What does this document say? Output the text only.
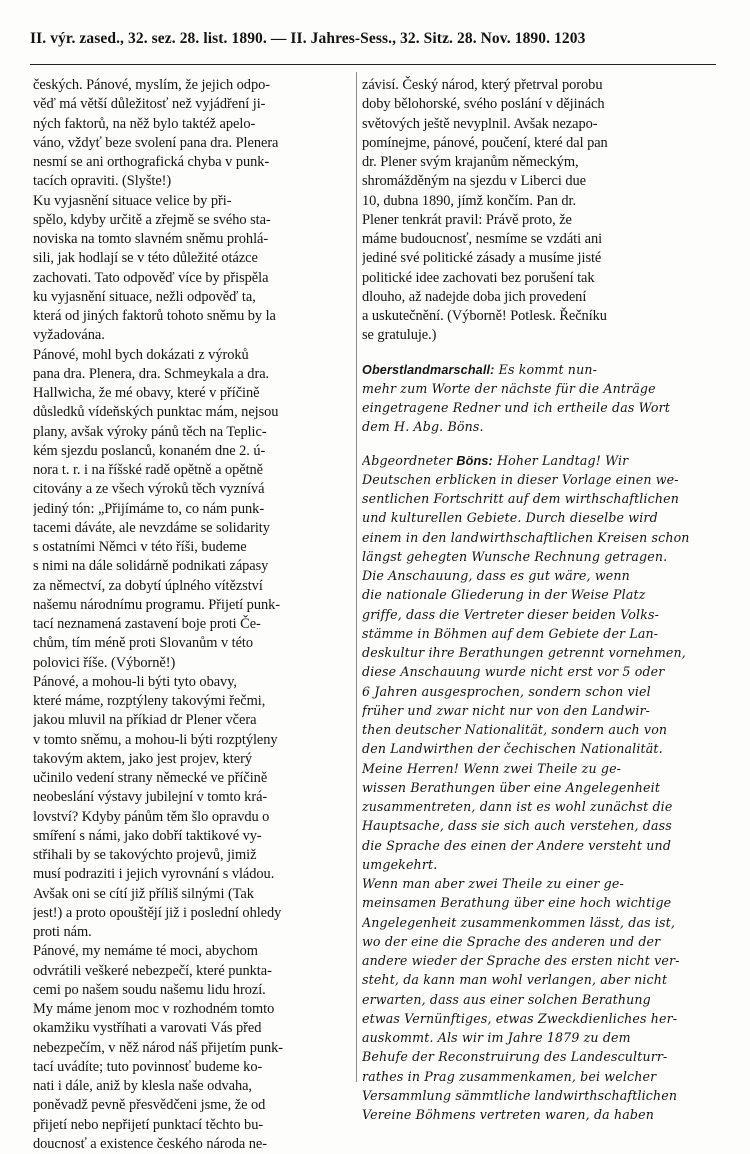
II. výr. zased., 32. sez. 28. list. 1890. — II. Jahres-Sess., 32. Sitz. 28. Nov. 1890. 1203
českých. Pánové, myslím, že jejich odpo-
věď má větší důležitosť než vyjádření ji-
ných faktorů, na něž bylo taktéž apelo-
váno, vždyť beze svolení pana dra. Plenera
nesmí se ani orthografická chyba v punk-
tacích opraviti. (Slyšte!)
Ku vyjasnění situace velice by při-
spělo, kdyby určitě a zřejmě se svého sta-
noviska na tomto slavném sněmu prohlá-
sili, jak hodlají se v této důležité otázce
zachovati. Tato odpověď více by přispěla
ku vyjasnění situace, nežli odpověď ta,
která od jiných faktorů tohoto sněmu by la
vyžadována.
Pánové, mohl bych dokázati z výroků
pana dra. Plenera, dra. Schmeykala a dra.
Hallwicha, že mé obavy, které v příčině
důsledků vídeňských punktac mám, nejsou
plany, avšak výroky pánů těch na Teplic-
kém sjezdu poslanců, konaném dne 2. ú-
nora t. r. i na říšské radě opětně a opětně
citovány a ze všech výroků těch vyznívá
jediný tón: „Přijímáme to, co nám punk-
tacemi dáváte, ale nevzdáme se solidarity
s ostatními Němci v této říši, budeme
s nimi na dále solidárně podnikati zápasy
za němectví, za dobytí úplného vítězství
našemu národnímu programu. Přijetí punk-
tací neznamená zastavení boje proti Če-
chům, tím méně proti Slovanům v této
polovici říše. (Výborně!)
Pánové, a mohou-li býti tyto obavy,
které máme, rozptýleny takovými řečmi,
jakou mluvil na příkiad dr Plener včera
v tomto sněmu, a mohou-li býti rozptýleny
takovým aktem, jako jest projev, který
učinilo vedení strany německé ve příčině
neobeslání výstavy jubilejní v tomto krá-
lovství? Kdyby pánům těm šlo opravdu o
smíření s námi, jako dobří taktikové vy-
střihali by se takovýchto projevů, jimiž
musí podraziti i jejich vyrovnání s vládou.
Avšak oni se cítí již příliš silnými (Tak
jest!) a proto opouštějí již i poslední ohledy
proti nám.
Pánové, my nemáme té moci, abychom
odvrátili veškeré nebezpečí, které punkta-
cemi po našem soudu našemu lidu hrozí.
My máme jenom moc v rozhodném tomto
okamžiku vystříhati a varovati Vás před
nebezpečím, v něž národ náš přijetím punk-
tací uvádíte; tuto povinnosť budeme ko-
nati i dále, aniž by klesla naše odvaha,
poněvadž pevně přesvědčeni jsme, že od
přijetí nebo nepřijetí punktací těchto bu-
doucnosť a existence českého národa ne-
závisí. Český národ, který přetrval porobu
doby bělohorské, svého poslání v dějinách
světových ještě nevyplnil. Avšak nezapo-
pomínejme, pánové, poučení, které dal pan
dr. Plener svým krajanům německým,
shromážděným na sjezdu v Liberci due
10, dubna 1890, jímž končím. Pan dr.
Plener tenkrát pravil: Právě proto, že
máme budoucnosť, nesmíme se vzdáti ani
jediné své politické zásady a musíme jisté
politické idee zachovati bez porušení tak
dlouho, až nadejde doba jich provedení
a uskutečnění. (Výborně! Potlesk. Řečníku
se gratuluje.)
Oberstlandmarschall: Es kommt nun-
mehr zum Worte der nächste für die Anträge
eingetragene Redner und ich ertheile das Wort
dem H. Abg. Böns.
Abgeordneter Böns: Hoher Landtag! Wir
Deutschen erblicken in dieser Vorlage einen we-
sentlichen Fortschritt auf dem wirthschaftlichen
und kulturellen Gebiete. Durch dieselbe wird
einem in den landwirthschaftlichen Kreisen schon
längst gehegten Wunsche Rechnung getragen.
Die Anschauung, dass es gut wäre, wenn
die nationale Gliederung in der Weise Platz
griffe, dass die Vertreter dieser beiden Volks-
stämme in Böhmen auf dem Gebiete der Lan-
deskultur ihre Berathungen getrennt vornehmen,
diese Anschauung wurde nicht erst vor 5 oder
6 Jahren ausgesprochen, sondern schon viel
früher und zwar nicht nur von den Landwir-
then deutscher Nationalität, sondern auch von
den Landwirthen der čechischen Nationalität.
Meine Herren! Wenn zwei Theile zu ge-
wissen Berathungen über eine Angelegenheit
zusammentreten, dann ist es wohl zunächst die
Hauptsache, dass sie sich auch verstehen, dass
die Sprache des einen der Andere versteht und
umgekehrt.
Wenn man aber zwei Theile zu einer ge-
meinsamen Berathung über eine hoch wichtige
Angelegenheit zusammenkommen lässt, das ist,
wo der eine die Sprache des anderen und der
andere wieder der Sprache des ersten nicht ver-
steht, da kann man wohl verlangen, aber nicht
erwarten, dass aus einer solchen Berathung
etwas Vernünftiges, etwas Zweckdienliches her-
auskommt. Als wir im Jahre 1879 zu dem
Behufe der Reconstruirung des Landesculturr-
rathes in Prag zusammenkamen, bei welcher
Versammlung sämmtliche landwirthschaftlichen
Vereine Böhmens vertreten waren, da haben
